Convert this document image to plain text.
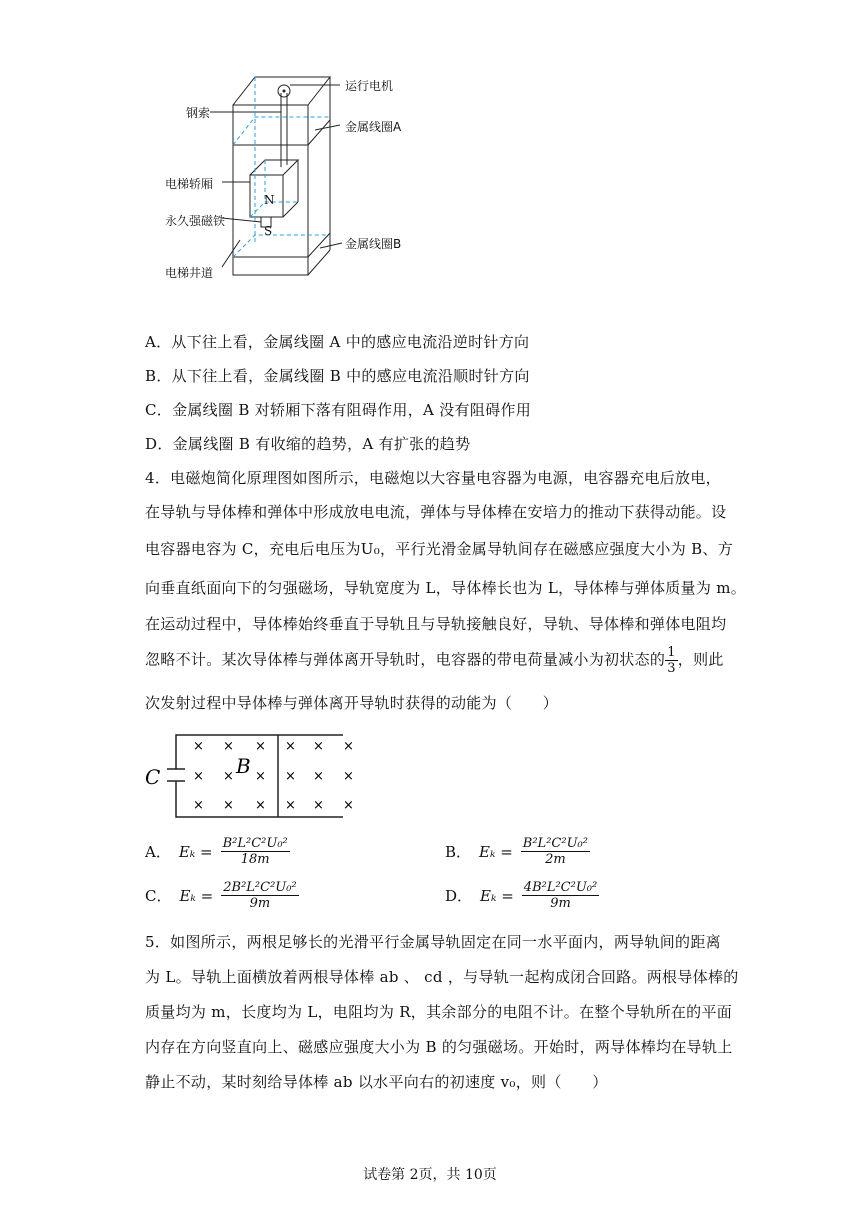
运行电机
钢索
金属线圈A
电梯轿厢
永久强磁铁
金属线圈B
电梯井道
N
S
A．从下往上看，金属线圈 A 中的感应电流沿逆时针方向
B．从下往上看，金属线圈 B 中的感应电流沿顺时针方向
C．金属线圈 B 对轿厢下落有阻碍作用，A 没有阻碍作用
D．金属线圈 B 有收缩的趋势，A 有扩张的趋势
4．电磁炮简化原理图如图所示，电磁炮以大容量电容器为电源，电容器充电后放电，
在导轨与导体棒和弹体中形成放电电流，弹体与导体棒在安培力的推动下获得动能。设
电容器电容为 C，充电后电压为U₀，平行光滑金属导轨间存在磁感应强度大小为 B、方
向垂直纸面向下的匀强磁场，导轨宽度为 L，导体棒长也为 L，导体棒与弹体质量为 m。
在运动过程中，导体棒始终垂直于导轨且与导轨接触良好，导轨、导体棒和弹体电阻均
忽略不计。某次导体棒与弹体离开导轨时，电容器的带电荷量减小为初状态的 $\frac{1}{3}$ ，则此
次发射过程中导体棒与弹体离开导轨时获得的动能为（　　）
C	B
× × × × × ×
× × × × × ×
× × × × × ×
A． $E_k = \frac{\text{B²L²C²U₀²}}{18m}$	B． $E_k = \frac{\text{B²L²C²U₀²}}{2m}$
C． $E_k = \frac{\text{2B²L²C²U₀²}}{9m}$	D． $E_k = \frac{\text{4B²L²C²U₀²}}{9m}$
5．如图所示，两根足够长的光滑平行金属导轨固定在同一水平面内，两导轨间的距离
为 L。导轨上面横放着两根导体棒 ab 、 cd ，与导轨一起构成闭合回路。两根导体棒的
质量均为 m，长度均为 L，电阻均为 R，其余部分的电阻不计。在整个导轨所在的平面
内存在方向竖直向上、磁感应强度大小为 B 的匀强磁场。开始时，两导体棒均在导轨上
静止不动，某时刻给导体棒 ab 以水平向右的初速度 v₀，则（　　）
试卷第 2页，共 10页
